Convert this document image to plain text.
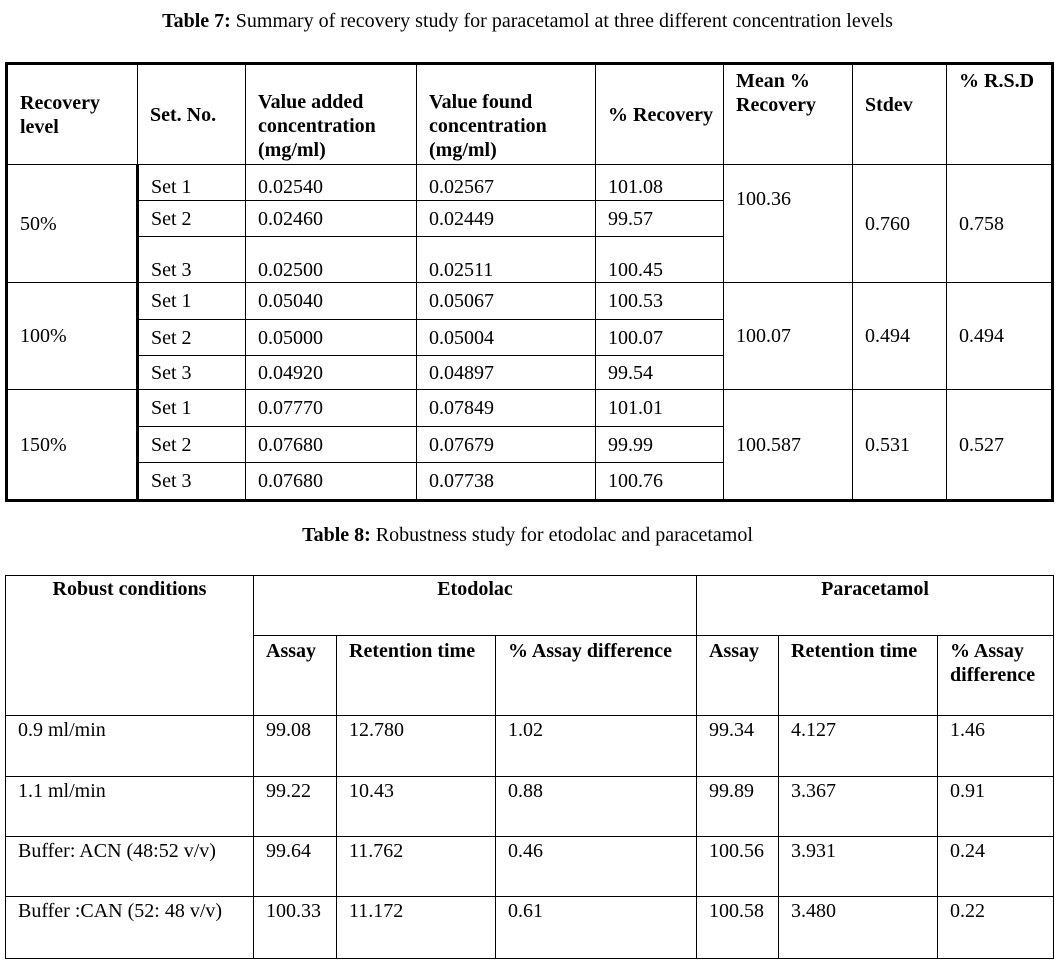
Table 7: Summary of recovery study for paracetamol at three different concentration levels
Recovery level	Set. No.	Value added concentration (mg/ml)	Value found concentration (mg/ml)	% Recovery	Mean % Recovery	Stdev	% R.S.D
50%	Set 1	0.02540	0.02567	101.08	100.36	0.760	0.758
	Set 2	0.02460	0.02449	99.57			
	Set 3	0.02500	0.02511	100.45			
100%	Set 1	0.05040	0.05067	100.53	100.07	0.494	0.494
	Set 2	0.05000	0.05004	100.07			
	Set 3	0.04920	0.04897	99.54			
150%	Set 1	0.07770	0.07849	101.01	100.587	0.531	0.527
	Set 2	0.07680	0.07679	99.99			
	Set 3	0.07680	0.07738	100.76			
Table 8: Robustness study for etodolac and paracetamol
Robust conditions	Etodolac			Paracetamol		
	Assay	Retention time	% Assay difference	Assay	Retention time	% Assay difference
0.9 ml/min	99.08	12.780	1.02	99.34	4.127	1.46
1.1 ml/min	99.22	10.43	0.88	99.89	3.367	0.91
Buffer: ACN (48:52 v/v)	99.64	11.762	0.46	100.56	3.931	0.24
Buffer :CAN (52: 48 v/v)	100.33	11.172	0.61	100.58	3.480	0.22
